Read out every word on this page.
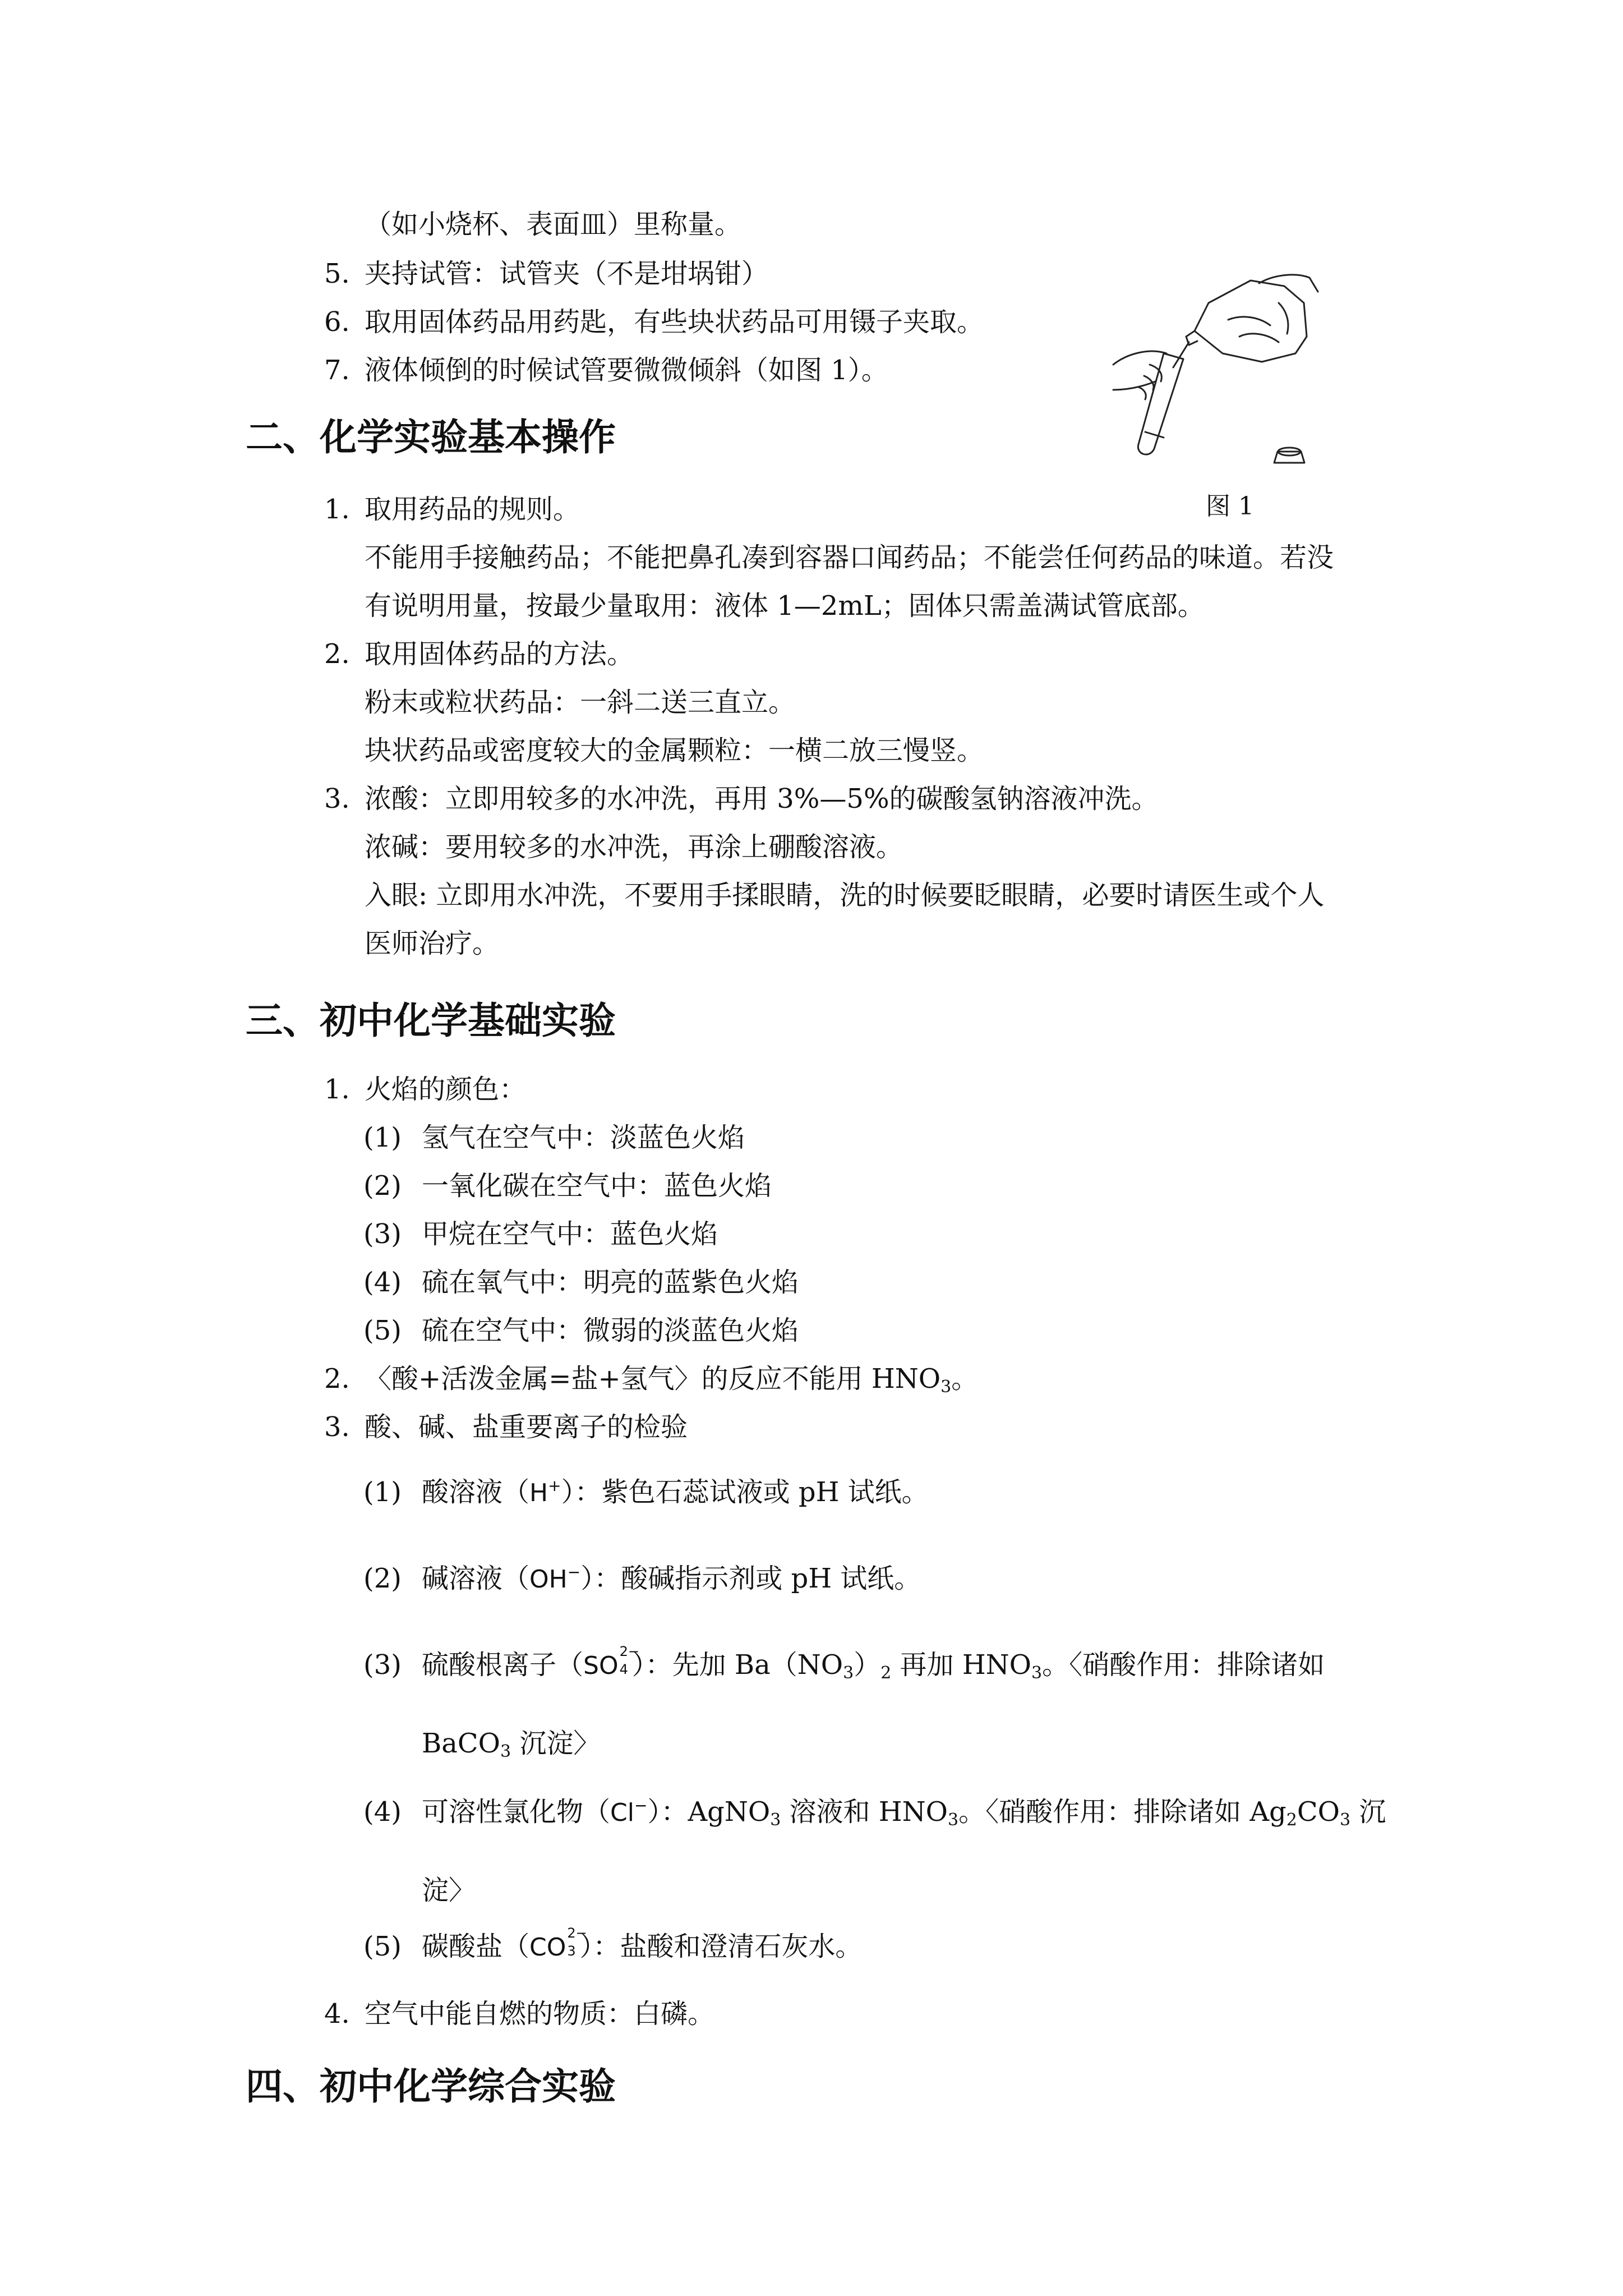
（如小烧杯、表面皿）里称量。
5. 夹持试管：试管夹（不是坩埚钳）
6. 取用固体药品用药匙，有些块状药品可用镊子夹取。
7. 液体倾倒的时候试管要微微倾斜（如图 1）。
图 1
二、化学实验基本操作
1. 取用药品的规则。
不能用手接触药品；不能把鼻孔凑到容器口闻药品；不能尝任何药品的味道。若没
有说明用量，按最少量取用：液体 1—2mL；固体只需盖满试管底部。
2. 取用固体药品的方法。
粉末或粒状药品：一斜二送三直立。
块状药品或密度较大的金属颗粒：一横二放三慢竖。
3. 浓酸：立即用较多的水冲洗，再用 3%—5%的碳酸氢钠溶液冲洗。
浓碱：要用较多的水冲洗，再涂上硼酸溶液。
入眼: 立即用水冲洗，不要用手揉眼睛，洗的时候要眨眼睛，必要时请医生或个人
医师治疗。
三、初中化学基础实验
1. 火焰的颜色：
(1) 氢气在空气中：淡蓝色火焰
(2) 一氧化碳在空气中：蓝色火焰
(3) 甲烷在空气中：蓝色火焰
(4) 硫在氧气中：明亮的蓝紫色火焰
(5) 硫在空气中：微弱的淡蓝色火焰
2. 〈酸+活泼金属=盐+氢气〉的反应不能用 $HNO_3$。
3. 酸、碱、盐重要离子的检验
(1) 酸溶液（H+）：紫色石蕊试液或 pH 试纸。
(2) 碱溶液（OH−）：酸碱指示剂或 pH 试纸。
(3) 硫酸根离子（SO 2−
4 ）：先加 $Ba(NO_3)_2$ 再加 $HNO_3$。〈硝酸作用：排除诸如
BaCO$_3$ 沉淀〉
(4) 可溶性氯化物（Cl−）：AgNO$_3$ 溶液和 $HNO_3$。〈硝酸作用：排除诸如 $Ag_2CO_3$ 沉
淀〉
(5) 碳酸盐（CO 2−
3 ）：盐酸和澄清石灰水。
4. 空气中能自燃的物质：白磷。
四、初中化学综合实验
